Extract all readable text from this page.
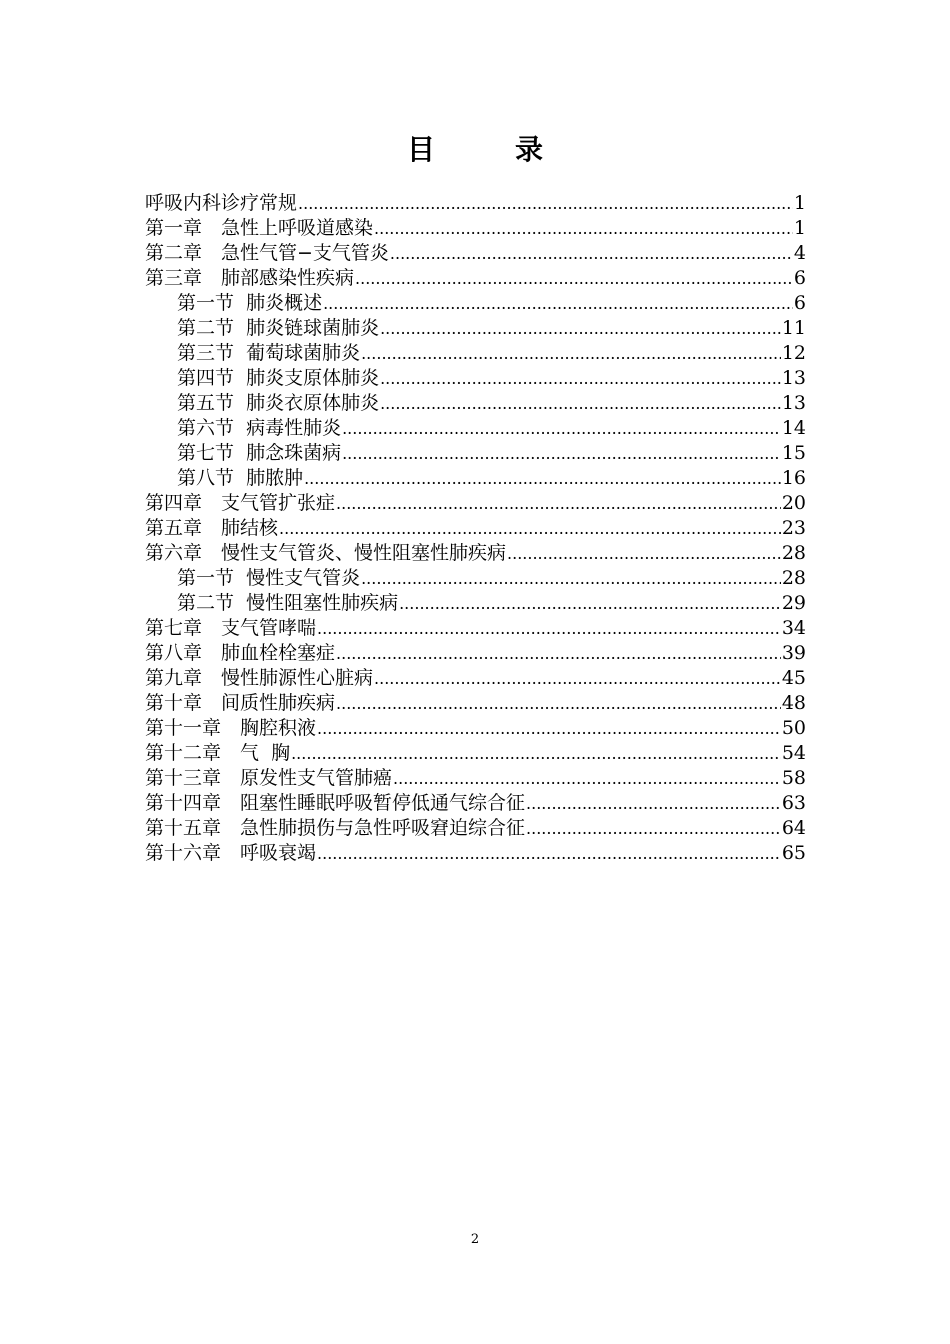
目　录
呼吸内科诊疗常规 .....	1
第一章　急性上呼吸道感染 .....	1
第二章　急性气管−支气管炎 .....	4
第三章　肺部感染性疾病 .....	6
第一节  肺炎概述 .....	6
第二节  肺炎链球菌肺炎 .....	11
第三节  葡萄球菌肺炎 .....	12
第四节  肺炎支原体肺炎 .....	13
第五节  肺炎衣原体肺炎 .....	13
第六节  病毒性肺炎 .....	14
第七节  肺念珠菌病 .....	15
第八节  肺脓肿 .....	16
第四章　支气管扩张症 .....	20
第五章　肺结核 .....	23
第六章　慢性支气管炎、慢性阻塞性肺疾病 .....	28
第一节  慢性支气管炎 .....	28
第二节  慢性阻塞性肺疾病 .....	29
第七章　支气管哮喘 .....	34
第八章　肺血栓栓塞症 .....	39
第九章　慢性肺源性心脏病 .....	45
第十章　间质性肺疾病 .....	48
第十一章　胸腔积液 .....	50
第十二章　气  胸 .....	54
第十三章　原发性支气管肺癌 .....	58
第十四章　阻塞性睡眠呼吸暂停低通气综合征 .....	63
第十五章　急性肺损伤与急性呼吸窘迫综合征 .....	64
第十六章　呼吸衰竭 .....	65
2
